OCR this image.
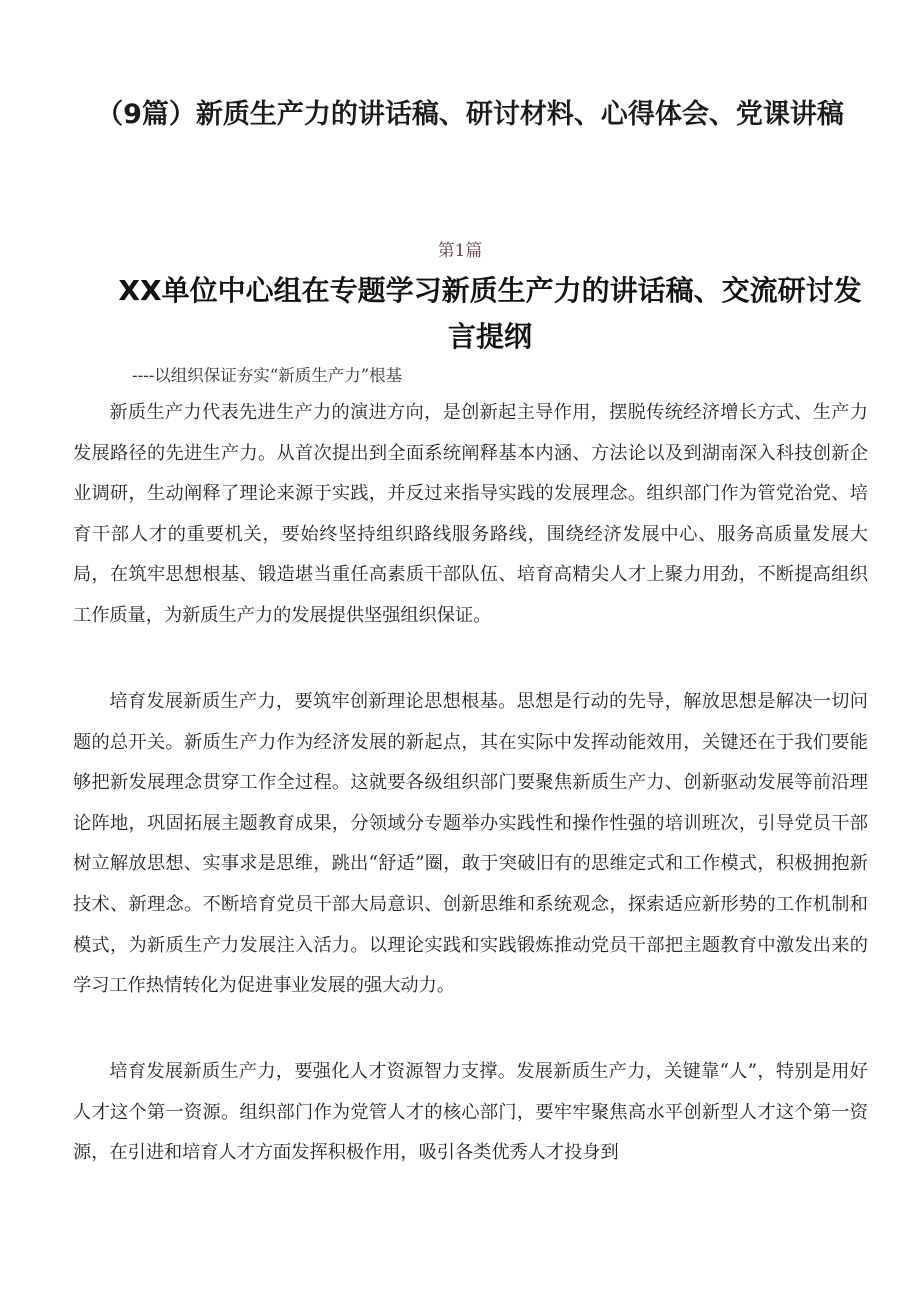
（9篇）新质生产力的讲话稿、研讨材料、心得体会、党课讲稿

第1篇

XX单位中心组在专题学习新质生产力的讲话稿、交流研讨发言提纲

----以组织保证夯实“新质生产力”根基

新质生产力代表先进生产力的演进方向，是创新起主导作用，摆脱传统经济增长方式、生产力发展路径的先进生产力。从首次提出到全面系统阐释基本内涵、方法论以及到湖南深入科技创新企业调研，生动阐释了理论来源于实践，并反过来指导实践的发展理念。组织部门作为管党治党、培育干部人才的重要机关，要始终坚持组织路线服务路线，围绕经济发展中心、服务高质量发展大局，在筑牢思想根基、锻造堪当重任高素质干部队伍、培育高精尖人才上聚力用劲，不断提高组织工作质量，为新质生产力的发展提供坚强组织保证。

培育发展新质生产力，要筑牢创新理论思想根基。思想是行动的先导，解放思想是解决一切问题的总开关。新质生产力作为经济发展的新起点，其在实际中发挥动能效用，关键还在于我们要能够把新发展理念贯穿工作全过程。这就要各级组织部门要聚焦新质生产力、创新驱动发展等前沿理论阵地，巩固拓展主题教育成果，分领域分专题举办实践性和操作性强的培训班次，引导党员干部树立解放思想、实事求是思维，跳出“舒适”圈，敢于突破旧有的思维定式和工作模式，积极拥抱新技术、新理念。不断培育党员干部大局意识、创新思维和系统观念，探索适应新形势的工作机制和模式，为新质生产力发展注入活力。以理论实践和实践锻炼推动党员干部把主题教育中激发出来的学习工作热情转化为促进事业发展的强大动力。

培育发展新质生产力，要强化人才资源智力支撑。发展新质生产力，关键靠“人”，特别是用好人才这个第一资源。组织部门作为党管人才的核心部门，要牢牢聚焦高水平创新型人才这个第一资源，在引进和培育人才方面发挥积极作用，吸引各类优秀人才投身到
